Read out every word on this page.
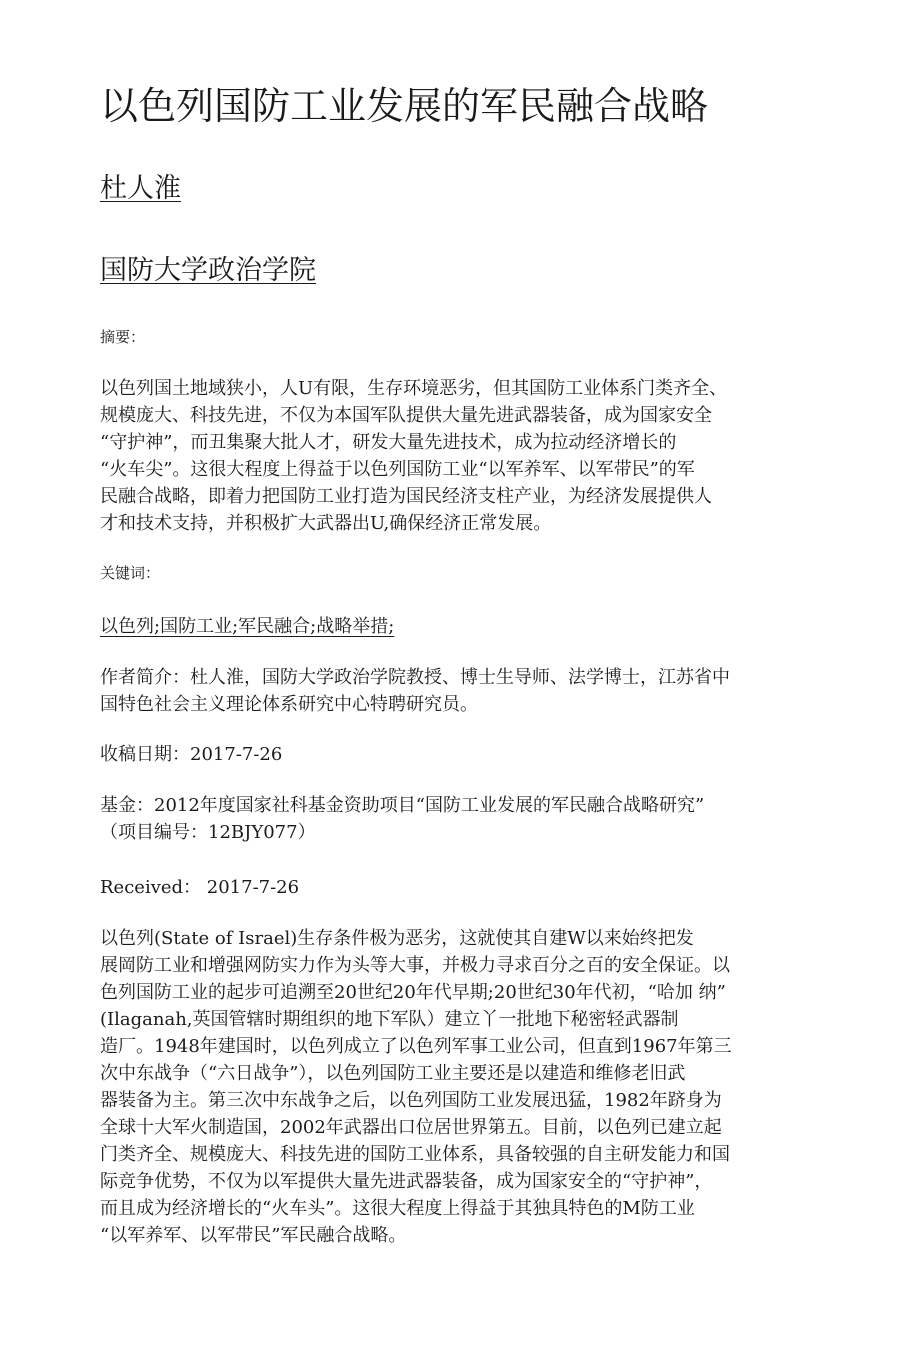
以色列国防工业发展的军民融合战略
杜人淮
国防大学政治学院
摘要：
以色列国土地域狭小，人U有限，生存环境恶劣，但其国防工业体系门类齐全、
规模庞大、科技先进，不仅为本国军队提供大量先进武器装备，成为国家安全
“守护神”，而丑集聚大批人才，研发大量先进技术，成为拉动经济增长的
“火车尖”。这很大程度上得益于以色列国防工业“以军养军、以军带民”的军
民融合战略，即着力把国防工业打造为国民经济支柱产业，为经济发展提供人
才和技术支持，并积极扩大武器出U,确保经济正常发展。
关键词：
以色列;国防工业;军民融合;战略举措;
作者简介：杜人淮，国防大学政治学院教授、博士生导师、法学博士，江苏省中
国特色社会主义理论体系研究中心特聘研究员。
收稿日期：2017-7-26
基金：2012年度国家社科基金资助项目“国防工业发展的军民融合战略研究”
（项目编号：12BJY077）
Received： 2017-7-26
以色列(State of Israel)生存条件极为恶劣，这就使其自建W以来始终把发
展岡防工业和增强网防实力作为头等大事，并极力寻求百分之百的安全保证。以
色列国防工业的起步可追溯至20世纪20年代早期;20世纪30年代初，“哈加 纳”
(Ilaganah,英国管辖时期组织的地下军队）建立丫一批地下秘密轻武器制
造厂。1948年建国时，以色列成立了以色列军事工业公司，但直到1967年第三
次中东战争（“六日战争”），以色列国防工业主要还是以建造和维修老旧武
器装备为主。第三次中东战争之后，以色列国防工业发展迅猛，1982年跻身为
全球十大军火制造国，2002年武器出口位居世界第五。目前，以色列已建立起
门类齐全、规模庞大、科技先进的国防工业体系，具备较强的自主研发能力和国
际竞争优势，不仅为以军提供大量先进武器装备，成为国家安全的“守护神”，
而且成为经济增长的“火车头”。这很大程度上得益于其独具特色的M防工业
“以军养军、以军带民”军民融合战略。
